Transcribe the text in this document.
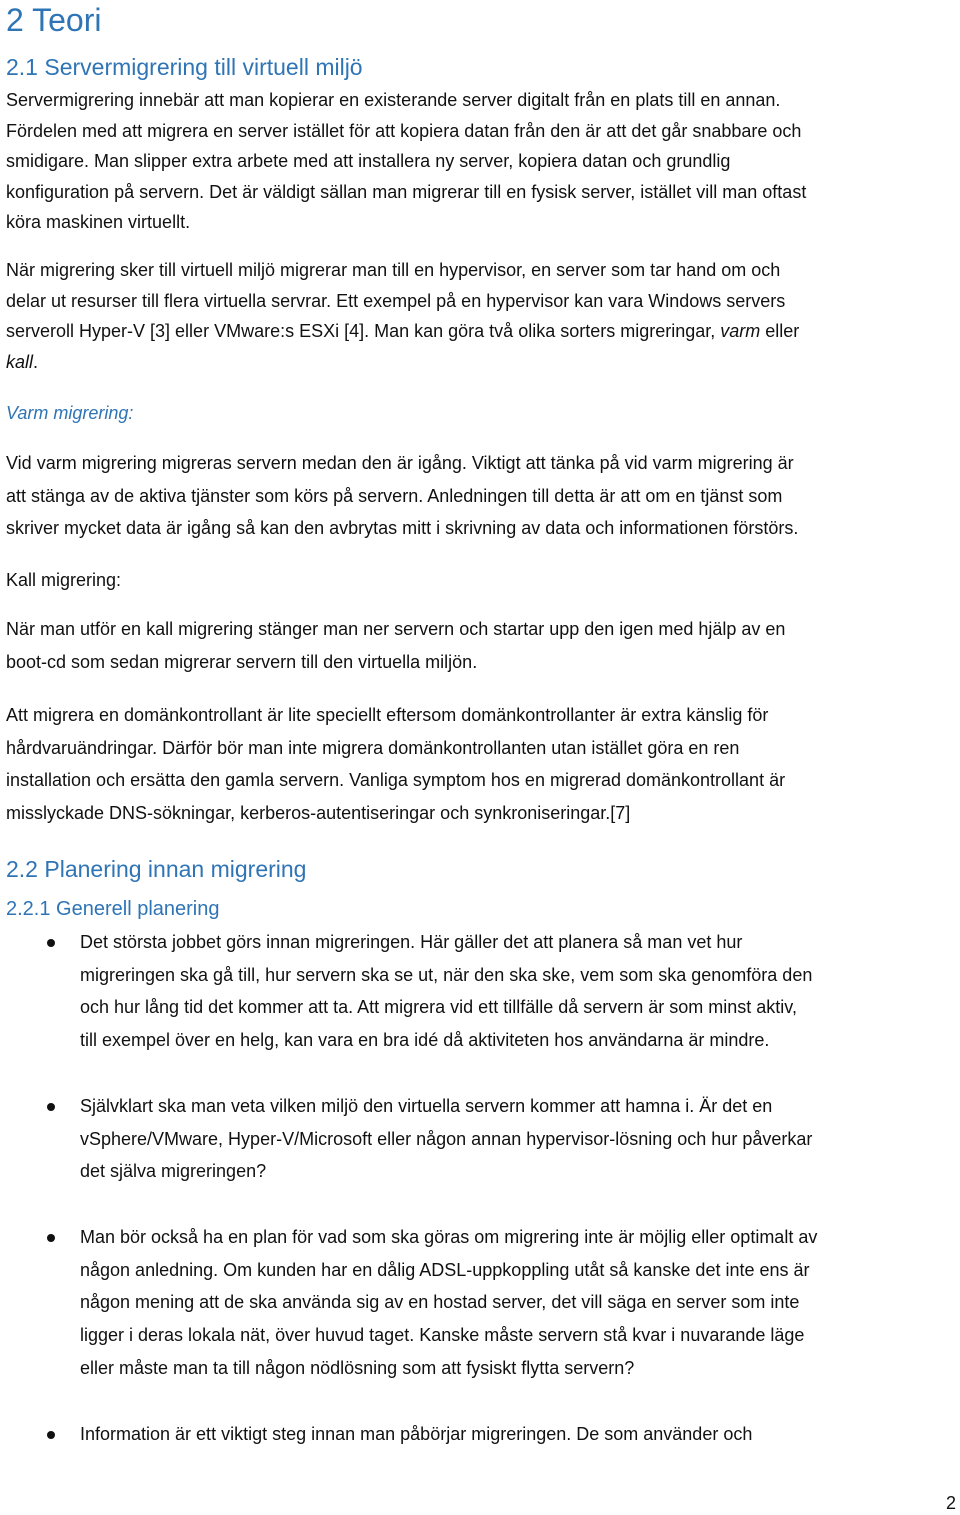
2 Teori
2.1 Servermigrering till virtuell miljö
Servermigrering innebär att man kopierar en existerande server digitalt från en plats till en annan.
Fördelen med att migrera en server istället för att kopiera datan från den är att det går snabbare och
smidigare. Man slipper extra arbete med att installera ny server, kopiera datan och grundlig
konfiguration på servern. Det är väldigt sällan man migrerar till en fysisk server, istället vill man oftast
köra maskinen virtuellt.
När migrering sker till virtuell miljö migrerar man till en hypervisor, en server som tar hand om och
delar ut resurser till flera virtuella servrar. Ett exempel på en hypervisor kan vara Windows servers
serveroll Hyper-V [3] eller VMware:s ESXi [4]. Man kan göra två olika sorters migreringar, varm eller
kall.
Varm migrering:
Vid varm migrering migreras servern medan den är igång. Viktigt att tänka på vid varm migrering är
att stänga av de aktiva tjänster som körs på servern. Anledningen till detta är att om en tjänst som
skriver mycket data är igång så kan den avbrytas mitt i skrivning av data och informationen förstörs.
Kall migrering:
När man utför en kall migrering stänger man ner servern och startar upp den igen med hjälp av en
boot-cd som sedan migrerar servern till den virtuella miljön.
Att migrera en domänkontrollant är lite speciellt eftersom domänkontrollanter är extra känslig för
hårdvaruändringar. Därför bör man inte migrera domänkontrollanten utan istället göra en ren
installation och ersätta den gamla servern. Vanliga symptom hos en migrerad domänkontrollant är
misslyckade DNS-sökningar, kerberos-autentiseringar och synkroniseringar.[7]
2.2 Planering innan migrering
2.2.1 Generell planering
Det största jobbet görs innan migreringen. Här gäller det att planera så man vet hur
migreringen ska gå till, hur servern ska se ut, när den ska ske, vem som ska genomföra den
och hur lång tid det kommer att ta. Att migrera vid ett tillfälle då servern är som minst aktiv,
till exempel över en helg, kan vara en bra idé då aktiviteten hos användarna är mindre.
Självklart ska man veta vilken miljö den virtuella servern kommer att hamna i. Är det en
vSphere/VMware, Hyper-V/Microsoft eller någon annan hypervisor-lösning och hur påverkar
det själva migreringen?
Man bör också ha en plan för vad som ska göras om migrering inte är möjlig eller optimalt av
någon anledning. Om kunden har en dålig ADSL-uppkoppling utåt så kanske det inte ens är
någon mening att de ska använda sig av en hostad server, det vill säga en server som inte
ligger i deras lokala nät, över huvud taget. Kanske måste servern stå kvar i nuvarande läge
eller måste man ta till någon nödlösning som att fysiskt flytta servern?
Information är ett viktigt steg innan man påbörjar migreringen. De som använder och
2
